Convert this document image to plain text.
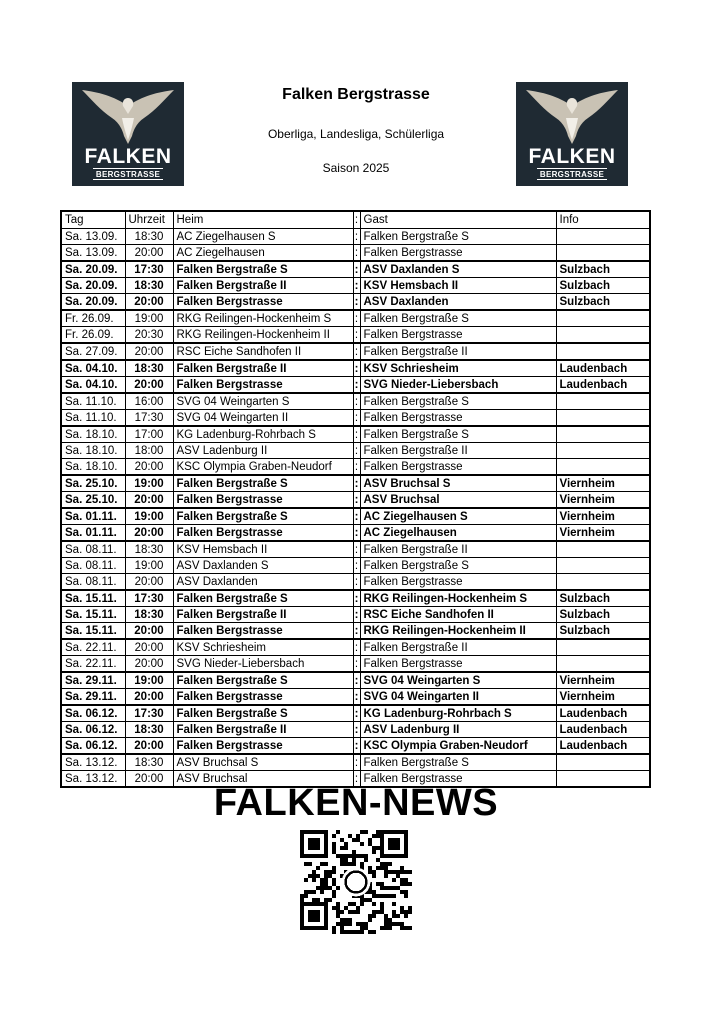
FALKEN
BERGSTRASSE
FALKEN
BERGSTRASSE
Falken Bergstrasse
Oberliga, Landesliga, Schülerliga
Saison 2025
Tag	Uhrzeit	Heim	:	Gast	Info
Sa. 13.09.	18:30	AC Ziegelhausen S	:	Falken Bergstraße S	
Sa. 13.09.	20:00	AC Ziegelhausen	:	Falken Bergstrasse	
Sa. 20.09.	17:30	Falken Bergstraße S	:	ASV Daxlanden S	Sulzbach
Sa. 20.09.	18:30	Falken Bergstraße II	:	KSV Hemsbach II	Sulzbach
Sa. 20.09.	20:00	Falken Bergstrasse	:	ASV Daxlanden	Sulzbach
Fr. 26.09.	19:00	RKG Reilingen-Hockenheim S	:	Falken Bergstraße S	
Fr. 26.09.	20:30	RKG Reilingen-Hockenheim II	:	Falken Bergstrasse	
Sa. 27.09.	20:00	RSC Eiche Sandhofen II	:	Falken Bergstraße II	
Sa. 04.10.	18:30	Falken Bergstraße II	:	KSV Schriesheim	Laudenbach
Sa. 04.10.	20:00	Falken Bergstrasse	:	SVG Nieder-Liebersbach	Laudenbach
Sa. 11.10.	16:00	SVG 04 Weingarten S	:	Falken Bergstraße S	
Sa. 11.10.	17:30	SVG 04 Weingarten II	:	Falken Bergstrasse	
Sa. 18.10.	17:00	KG Ladenburg-Rohrbach S	:	Falken Bergstraße S	
Sa. 18.10.	18:00	ASV Ladenburg II	:	Falken Bergstraße II	
Sa. 18.10.	20:00	KSC Olympia Graben-Neudorf	:	Falken Bergstrasse	
Sa. 25.10.	19:00	Falken Bergstraße S	:	ASV Bruchsal S	Viernheim
Sa. 25.10.	20:00	Falken Bergstrasse	:	ASV Bruchsal	Viernheim
Sa. 01.11.	19:00	Falken Bergstraße S	:	AC Ziegelhausen S	Viernheim
Sa. 01.11.	20:00	Falken Bergstrasse	:	AC Ziegelhausen	Viernheim
Sa. 08.11.	18:30	KSV Hemsbach II	:	Falken Bergstraße II	
Sa. 08.11.	19:00	ASV Daxlanden S	:	Falken Bergstraße S	
Sa. 08.11.	20:00	ASV Daxlanden	:	Falken Bergstrasse	
Sa. 15.11.	17:30	Falken Bergstraße S	:	RKG Reilingen-Hockenheim S	Sulzbach
Sa. 15.11.	18:30	Falken Bergstraße II	:	RSC Eiche Sandhofen II	Sulzbach
Sa. 15.11.	20:00	Falken Bergstrasse	:	RKG Reilingen-Hockenheim II	Sulzbach
Sa. 22.11.	20:00	KSV Schriesheim	:	Falken Bergstraße II	
Sa. 22.11.	20:00	SVG Nieder-Liebersbach	:	Falken Bergstrasse	
Sa. 29.11.	19:00	Falken Bergstraße S	:	SVG 04 Weingarten S	Viernheim
Sa. 29.11.	20:00	Falken Bergstrasse	:	SVG 04 Weingarten II	Viernheim
Sa. 06.12.	17:30	Falken Bergstraße S	:	KG Ladenburg-Rohrbach S	Laudenbach
Sa. 06.12.	18:30	Falken Bergstraße II	:	ASV Ladenburg II	Laudenbach
Sa. 06.12.	20:00	Falken Bergstrasse	:	KSC Olympia Graben-Neudorf	Laudenbach
Sa. 13.12.	18:30	ASV Bruchsal S	:	Falken Bergstraße S	
Sa. 13.12.	20:00	ASV Bruchsal	:	Falken Bergstrasse	
FALKEN-NEWS
